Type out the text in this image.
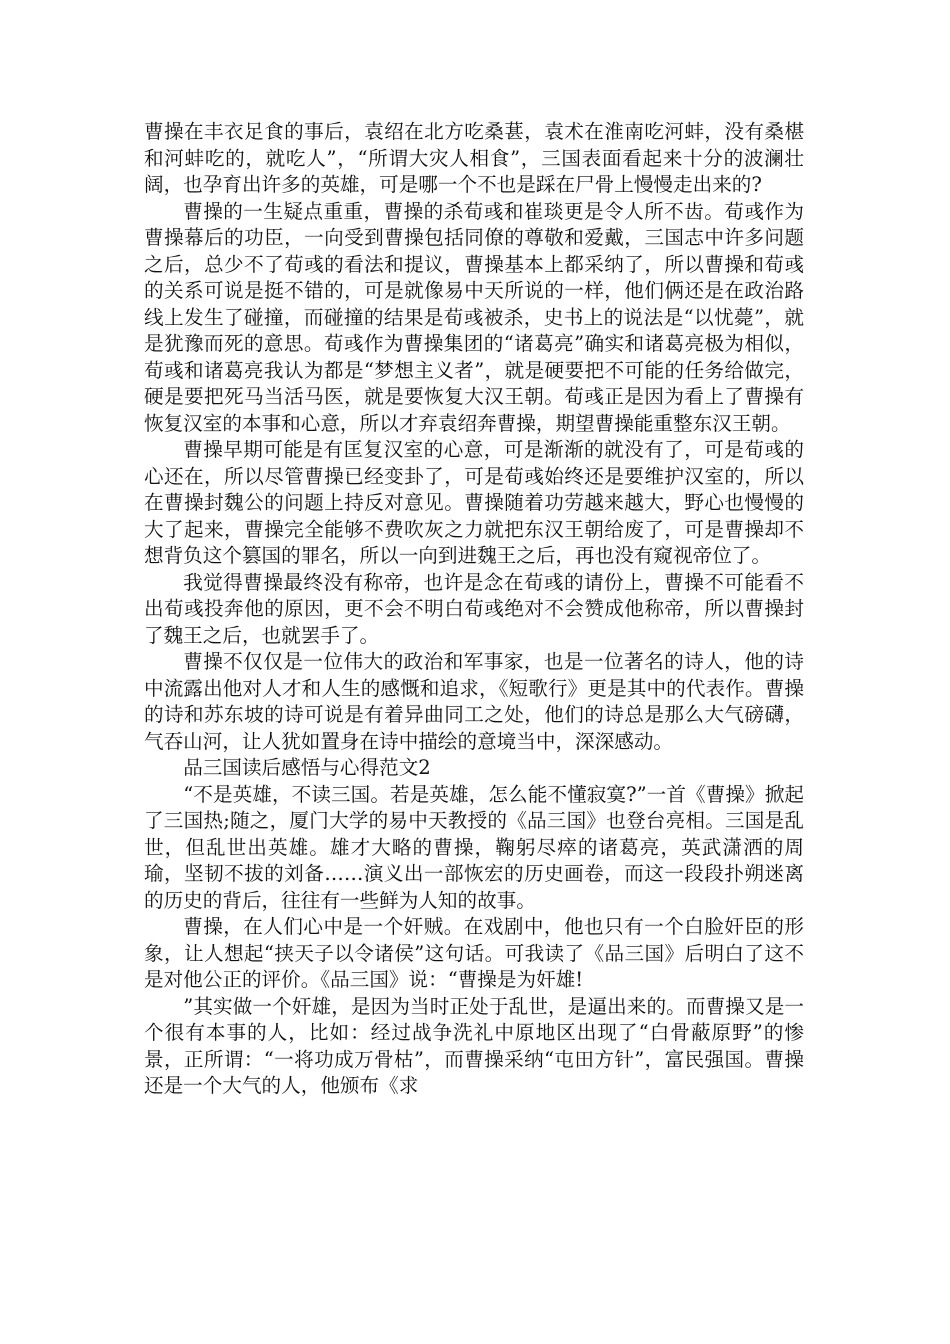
曹操在丰衣足食的事后，袁绍在北方吃桑葚，袁术在淮南吃河蚌，没有桑椹和河蚌吃的，就吃人”，“所谓大灾人相食”，三国表面看起来十分的波澜壮阔，也孕育出许多的英雄，可是哪一个不也是踩在尸骨上慢慢走出来的?

曹操的一生疑点重重，曹操的杀荀彧和崔琰更是令人所不齿。荀彧作为曹操幕后的功臣，一向受到曹操包括同僚的尊敬和爱戴，三国志中许多问题之后，总少不了荀彧的看法和提议，曹操基本上都采纳了，所以曹操和荀彧的关系可说是挺不错的，可是就像易中天所说的一样，他们俩还是在政治路线上发生了碰撞，而碰撞的结果是荀彧被杀，史书上的说法是“以忧薨”，就是犹豫而死的意思。荀彧作为曹操集团的“诸葛亮”确实和诸葛亮极为相似，荀彧和诸葛亮我认为都是“梦想主义者”，就是硬要把不可能的任务给做完，硬是要把死马当活马医，就是要恢复大汉王朝。荀彧正是因为看上了曹操有恢复汉室的本事和心意，所以才弃袁绍奔曹操，期望曹操能重整东汉王朝。

曹操早期可能是有匡复汉室的心意，可是渐渐的就没有了，可是荀彧的心还在，所以尽管曹操已经变卦了，可是荀彧始终还是要维护汉室的，所以在曹操封魏公的问题上持反对意见。曹操随着功劳越来越大，野心也慢慢的大了起来，曹操完全能够不费吹灰之力就把东汉王朝给废了，可是曹操却不想背负这个篡国的罪名，所以一向到进魏王之后，再也没有窥视帝位了。

我觉得曹操最终没有称帝，也许是念在荀彧的请份上，曹操不可能看不出荀彧投奔他的原因，更不会不明白荀彧绝对不会赞成他称帝，所以曹操封了魏王之后，也就罢手了。

曹操不仅仅是一位伟大的政治和军事家，也是一位著名的诗人，他的诗中流露出他对人才和人生的感慨和追求，《短歌行》更是其中的代表作。曹操的诗和苏东坡的诗可说是有着异曲同工之处，他们的诗总是那么大气磅礴，气吞山河，让人犹如置身在诗中描绘的意境当中，深深感动。

品三国读后感悟与心得范文2

“不是英雄，不读三国。若是英雄，怎么能不懂寂寞?”一首《曹操》掀起了三国热;随之，厦门大学的易中天教授的《品三国》也登台亮相。三国是乱世，但乱世出英雄。雄才大略的曹操，鞠躬尽瘁的诸葛亮，英武潇洒的周瑜，坚韧不拔的刘备……演义出一部恢宏的历史画卷，而这一段段扑朔迷离的历史的背后，往往有一些鲜为人知的故事。

曹操，在人们心中是一个奸贼。在戏剧中，他也只有一个白脸奸臣的形象，让人想起“挟天子以令诸侯”这句话。可我读了《品三国》后明白了这不是对他公正的评价。《品三国》说：“曹操是为奸雄!

”其实做一个奸雄，是因为当时正处于乱世，是逼出来的。而曹操又是一个很有本事的人，比如：经过战争洗礼中原地区出现了“白骨蔽原野”的惨景，正所谓：“一将功成万骨枯”，而曹操采纳“屯田方针”，富民强国。曹操还是一个大气的人，他颁布《求
